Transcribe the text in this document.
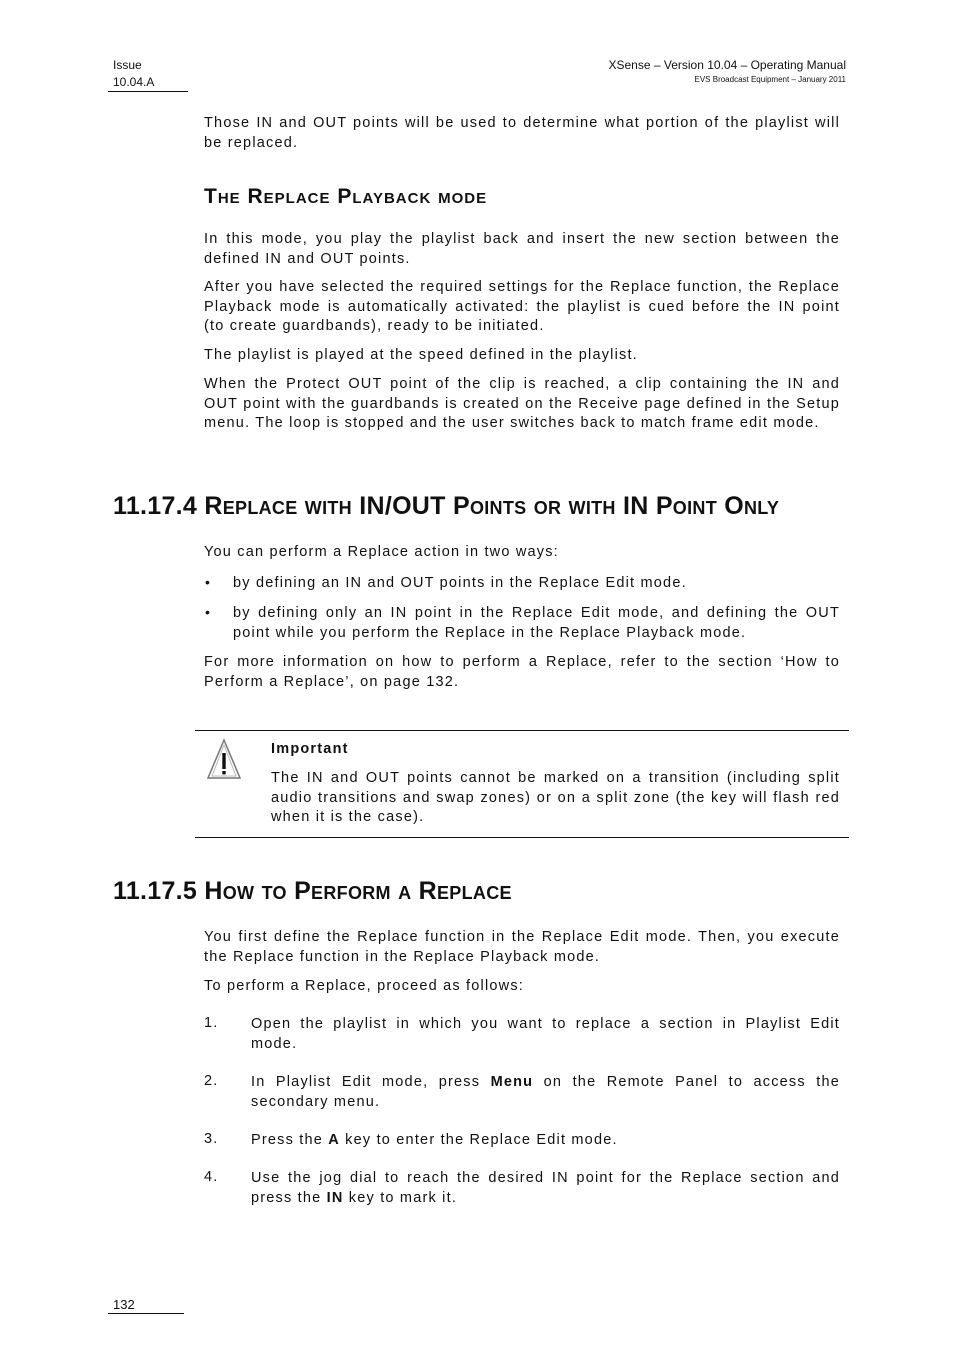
Issue
10.04.A
XSense – Version 10.04 – Operating Manual
EVS Broadcast Equipment – January 2011

Those IN and OUT points will be used to determine what portion of the playlist will be replaced.

The Replace Playback mode

In this mode, you play the playlist back and insert the new section between the defined IN and OUT points.

After you have selected the required settings for the Replace function, the Replace Playback mode is automatically activated: the playlist is cued before the IN point (to create guardbands), ready to be initiated.

The playlist is played at the speed defined in the playlist.

When the Protect OUT point of the clip is reached, a clip containing the IN and OUT point with the guardbands is created on the Receive page defined in the Setup menu. The loop is stopped and the user switches back to match frame edit mode.

11.17.4 Replace with IN/OUT Points or with IN Point Only

You can perform a Replace action in two ways:

• by defining an IN and OUT points in the Replace Edit mode.

• by defining only an IN point in the Replace Edit mode, and defining the OUT point while you perform the Replace in the Replace Playback mode.

For more information on how to perform a Replace, refer to the section ‘How to Perform a Replace’, on page 132.

Important

The IN and OUT points cannot be marked on a transition (including split audio transitions and swap zones) or on a split zone (the key will flash red when it is the case).

11.17.5 How to Perform a Replace

You first define the Replace function in the Replace Edit mode. Then, you execute the Replace function in the Replace Playback mode.

To perform a Replace, proceed as follows:

1. Open the playlist in which you want to replace a section in Playlist Edit mode.

2. In Playlist Edit mode, press Menu on the Remote Panel to access the secondary menu.

3. Press the A key to enter the Replace Edit mode.

4. Use the jog dial to reach the desired IN point for the Replace section and press the IN key to mark it.

132
